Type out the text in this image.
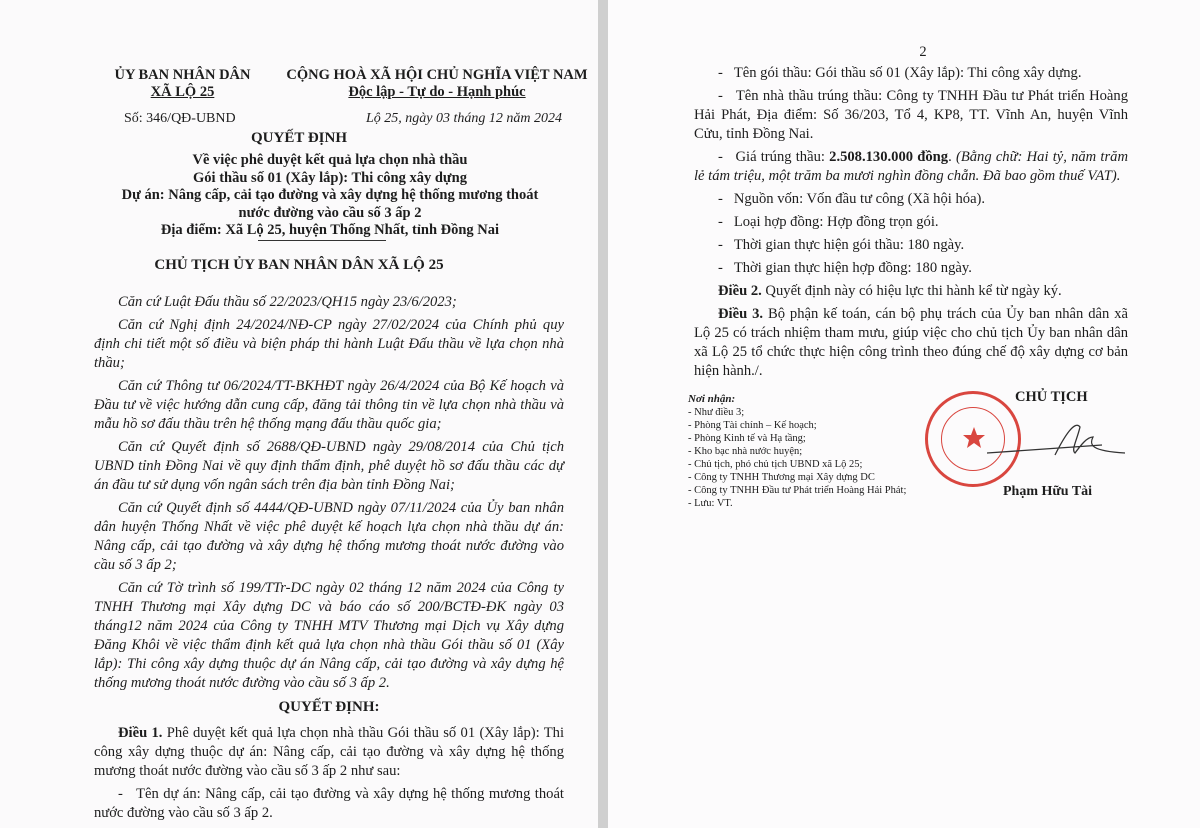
ỦY BAN NHÂN DÂN
XÃ LỘ 25
CỘNG HOÀ XÃ HỘI CHỦ NGHĨA VIỆT NAM
Độc lập - Tự do - Hạnh phúc
Số: 346/QĐ-UBND	Lộ 25, ngày 03 tháng 12 năm 2024
QUYẾT ĐỊNH
Về việc phê duyệt kết quả lựa chọn nhà thầu
Gói thầu số 01 (Xây lắp): Thi công xây dựng
Dự án: Nâng cấp, cải tạo đường và xây dựng hệ thống mương thoát
nước đường vào cầu số 3 ấp 2
Địa điểm: Xã Lộ 25, huyện Thống Nhất, tỉnh Đồng Nai
CHỦ TỊCH ỦY BAN NHÂN DÂN XÃ LỘ 25

Căn cứ Luật Đấu thầu số 22/2023/QH15 ngày 23/6/2023;

Căn cứ Nghị định 24/2024/NĐ-CP ngày 27/02/2024 của Chính phủ quy định chi tiết một số điều và biện pháp thi hành Luật Đấu thầu về lựa chọn nhà thầu;

Căn cứ Thông tư 06/2024/TT-BKHĐT ngày 26/4/2024 của Bộ Kế hoạch và Đầu tư về việc hướng dẫn cung cấp, đăng tải thông tin về lựa chọn nhà thầu và mẫu hồ sơ đấu thầu trên hệ thống mạng đấu thầu quốc gia;

Căn cứ Quyết định số 2688/QĐ-UBND ngày 29/08/2014 của Chủ tịch UBND tỉnh Đồng Nai về quy định thẩm định, phê duyệt hồ sơ đấu thầu các dự án đầu tư sử dụng vốn ngân sách trên địa bàn tỉnh Đồng Nai;

Căn cứ Quyết định số 4444/QĐ-UBND ngày 07/11/2024 của Ủy ban nhân dân huyện Thống Nhất về việc phê duyệt kế hoạch lựa chọn nhà thầu dự án: Nâng cấp, cải tạo đường và xây dựng hệ thống mương thoát nước đường vào cầu số 3 ấp 2;

Căn cứ Tờ trình số 199/TTr-DC ngày 02 tháng 12 năm 2024 của Công ty TNHH Thương mại Xây dựng DC và báo cáo số 200/BCTĐ-ĐK ngày 03 tháng12 năm 2024 của Công ty TNHH MTV Thương mại Dịch vụ Xây dựng Đăng Khôi về việc thẩm định kết quả lựa chọn nhà thầu Gói thầu số 01 (Xây lắp): Thi công xây dựng thuộc dự án Nâng cấp, cải tạo đường và xây dựng hệ thống mương thoát nước đường vào cầu số 3 ấp 2.

QUYẾT ĐỊNH:

Điều 1. Phê duyệt kết quả lựa chọn nhà thầu Gói thầu số 01 (Xây lắp): Thi công xây dựng thuộc dự án: Nâng cấp, cải tạo đường và xây dựng hệ thống mương thoát nước đường vào cầu số 3 ấp 2 như sau:

-   Tên dự án: Nâng cấp, cải tạo đường và xây dựng hệ thống mương thoát nước đường vào cầu số 3 ấp 2.

2

-   Tên gói thầu: Gói thầu số 01 (Xây lắp): Thi công xây dựng.

-   Tên nhà thầu trúng thầu: Công ty TNHH Đầu tư Phát triển Hoàng Hải Phát, Địa điểm: Số 36/203, Tổ 4, KP8, TT. Vĩnh An, huyện Vĩnh Cửu, tỉnh Đồng Nai.

-   Giá trúng thầu: 2.508.130.000 đồng. (Bằng chữ: Hai tỷ, năm trăm lẻ tám triệu, một trăm ba mươi nghìn đồng chẵn. Đã bao gồm thuế VAT).

-   Nguồn vốn: Vốn đầu tư công (Xã hội hóa).

-   Loại hợp đồng: Hợp đồng trọn gói.

-   Thời gian thực hiện gói thầu: 180 ngày.

-   Thời gian thực hiện hợp đồng: 180 ngày.

Điều 2. Quyết định này có hiệu lực thi hành kể từ ngày ký.

Điều 3. Bộ phận kế toán, cán bộ phụ trách của Ủy ban nhân dân xã Lộ 25 có trách nhiệm tham mưu, giúp việc cho chủ tịch Ủy ban nhân dân xã Lộ 25 tổ chức thực hiện công trình theo đúng chế độ xây dựng cơ bản hiện hành./.

Nơi nhận:
- Như điều 3;
- Phòng Tài chính – Kế hoạch;
- Phòng Kinh tế và Hạ tầng;
- Kho bạc nhà nước huyện;
- Chủ tịch, phó chủ tịch UBND xã Lộ 25;
- Công ty TNHH Thương mại Xây dựng DC
- Công ty TNHH Đầu tư Phát triển Hoàng Hải Phát;
- Lưu: VT.
CHỦ TỊCH
Phạm Hữu Tài
